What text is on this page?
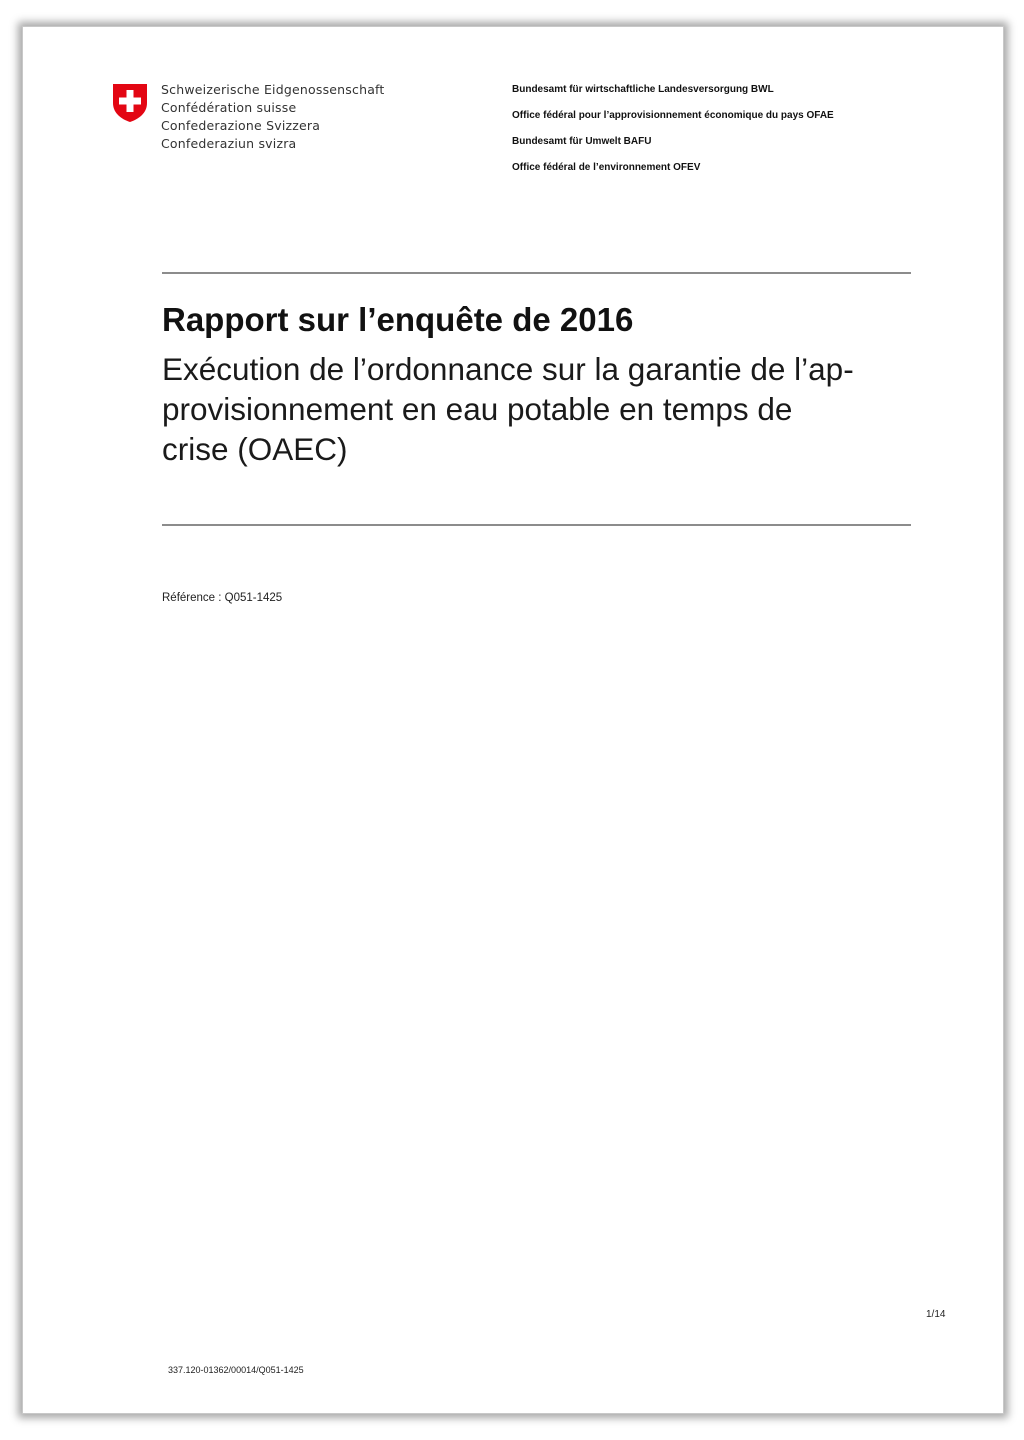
Schweizerische Eidgenossenschaft
Confédération suisse
Confederazione Svizzera
Confederaziun svizra
Bundesamt für wirtschaftliche Landesversorgung BWL
Office fédéral pour l’approvisionnement économique du pays OFAE
Bundesamt für Umwelt BAFU
Office fédéral de l’environnement OFEV
Rapport sur l’enquête de 2016
Exécution de l’ordonnance sur la garantie de l’ap-
provisionnement en eau potable en temps de
crise (OAEC)
Référence : Q051-1425
1/14
337.120-01362/00014/Q051-1425
